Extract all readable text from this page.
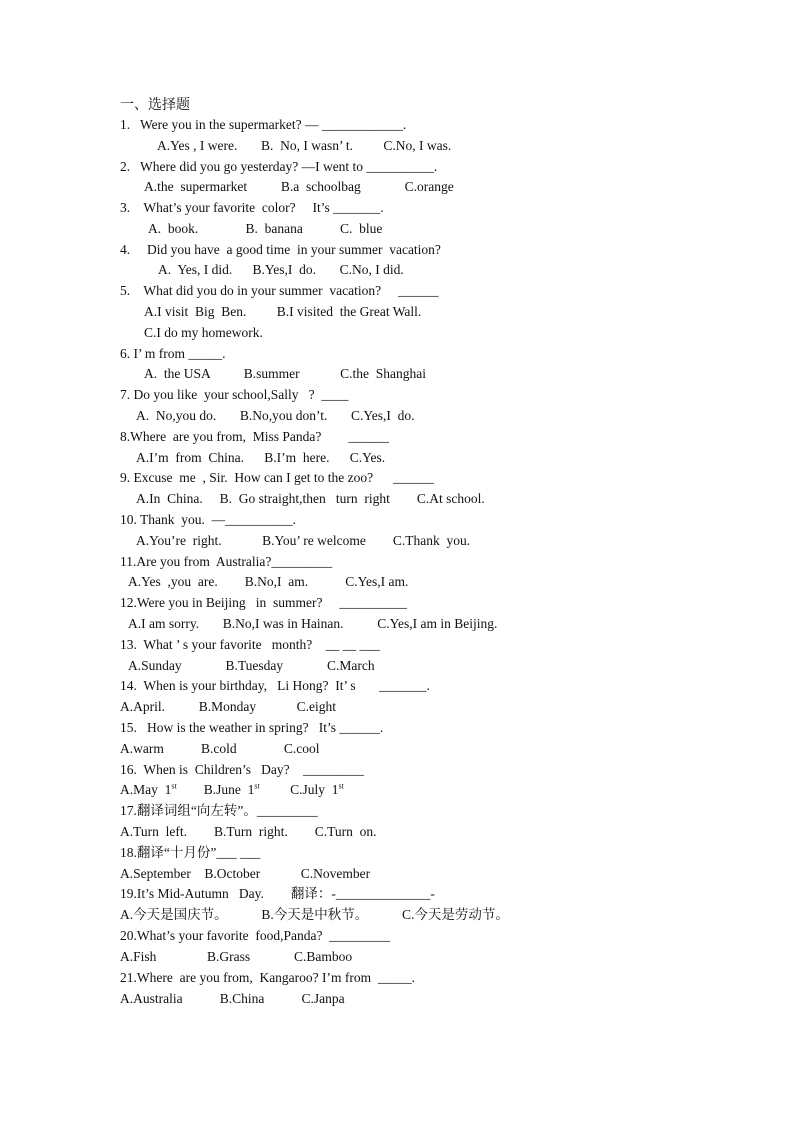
一、选择题
1.   Were you in the supermarket? — ____________.
A.Yes , I were.       B.  No, I wasn’ t.         C.No, I was.
2.   Where did you go yesterday? —I went to __________.
A.the  supermarket          B.a  schoolbag             C.orange
3.    What’s your favorite  color?     It’s _______.
A.  book.              B.  banana           C.  blue
4.     Did you have  a good time  in your summer  vacation?
A.  Yes, I did.      B.Yes,I  do.       C.No, I did.
5.    What did you do in your summer  vacation?     ______
A.I visit  Big  Ben.         B.I visited  the Great Wall.
C.I do my homework.
6. I’ m from _____.
A.  the USA          B.summer            C.the  Shanghai
7. Do you like  your school,Sally   ?  ____
A.  No,you do.       B.No,you don’t.       C.Yes,I  do.
8.Where  are you from,  Miss Panda?        ______
A.I’m  from  China.      B.I’m  here.      C.Yes.
9. Excuse  me  , Sir.  How can I get to the zoo?      ______
A.In  China.     B.  Go straight,then   turn  right        C.At school.
10. Thank  you.  —__________.
A.You’re  right.            B.You’ re welcome        C.Thank  you.
11.Are you from  Australia?_________
A.Yes  ,you  are.        B.No,I  am.           C.Yes,I am.
12.Were you in Beijing   in  summer?     __________
A.I am sorry.       B.No,I was in Hainan.          C.Yes,I am in Beijing.
13.  What ’ s your favorite   month?    __ __ ___
A.Sunday             B.Tuesday             C.March
14.  When is your birthday,   Li Hong?  It’ s       _______.
A.April.          B.Monday            C.eight
15.   How is the weather in spring?   It’s ______.
A.warm           B.cold              C.cool
16.  When is  Children’s   Day?    _________
A.May  1st        B.June  1st         C.July  1st
17.翻译词组“向左转”。_________
A.Turn  left.        B.Turn  right.        C.Turn  on.
18.翻译“十月份”___ ___
A.September    B.October            C.November
19.It’s Mid-Autumn   Day.        翻译：-______________-
A.今天是国庆节。          B.今天是中秋节。          C.今天是劳动节。
20.What’s your favorite  food,Panda?  _________
A.Fish               B.Grass             C.Bamboo
21.Where  are you from,  Kangaroo? I’m from  _____.
A.Australia           B.China           C.Janpa
